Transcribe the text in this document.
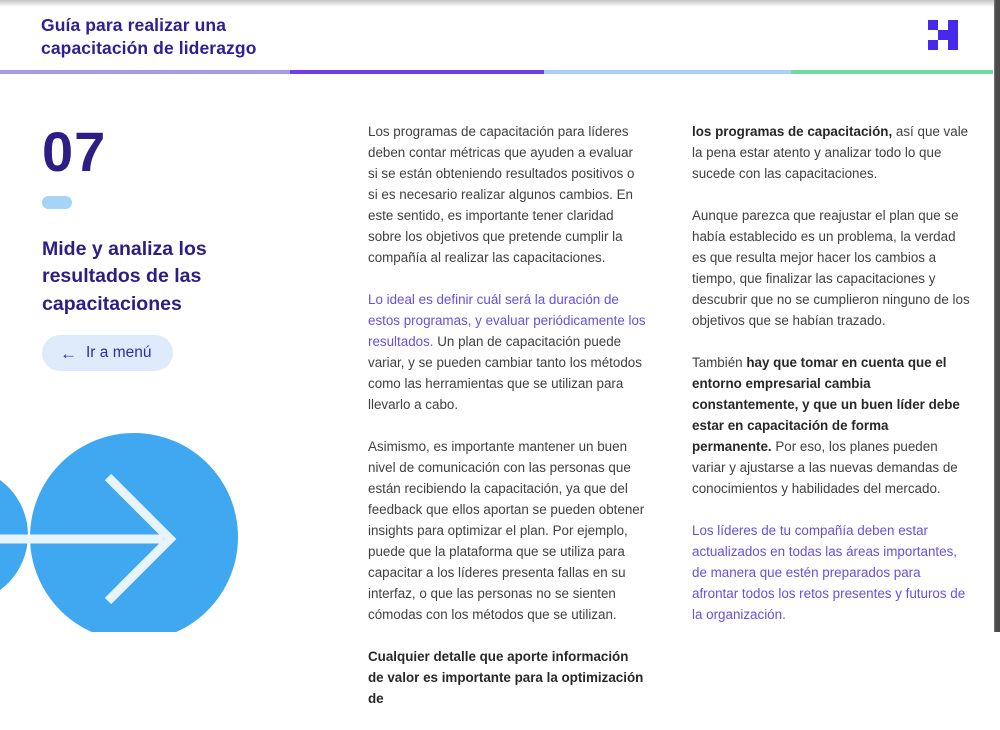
Guía para realizar una capacitación de liderazgo
07
Mide y analiza los resultados de las capacitaciones
← Ir a menú

Los programas de capacitación para líderes deben contar métricas que ayuden a evaluar si se están obteniendo resultados positivos o si es necesario realizar algunos cambios. En este sentido, es importante tener claridad sobre los objetivos que pretende cumplir la compañía al realizar las capacitaciones.

Lo ideal es definir cuál será la duración de estos programas, y evaluar periódicamente los resultados. Un plan de capacitación puede variar, y se pueden cambiar tanto los métodos como las herramientas que se utilizan para llevarlo a cabo.

Asimismo, es importante mantener un buen nivel de comunicación con las personas que están recibiendo la capacitación, ya que del feedback que ellos aportan se pueden obtener insights para optimizar el plan. Por ejemplo, puede que la plataforma que se utiliza para capacitar a los líderes presenta fallas en su interfaz, o que las personas no se sienten cómodas con los métodos que se utilizan.

Cualquier detalle que aporte información de valor es importante para la optimización de

los programas de capacitación, así que vale la pena estar atento y analizar todo lo que sucede con las capacitaciones.

Aunque parezca que reajustar el plan que se había establecido es un problema, la verdad es que resulta mejor hacer los cambios a tiempo, que finalizar las capacitaciones y descubrir que no se cumplieron ninguno de los objetivos que se habían trazado.

También hay que tomar en cuenta que el entorno empresarial cambia constantemente, y que un buen líder debe estar en capacitación de forma permanente. Por eso, los planes pueden variar y ajustarse a las nuevas demandas de conocimientos y habilidades del mercado.

Los líderes de tu compañía deben estar actualizados en todas las áreas importantes, de manera que estén preparados para afrontar todos los retos presentes y futuros de la organización.
